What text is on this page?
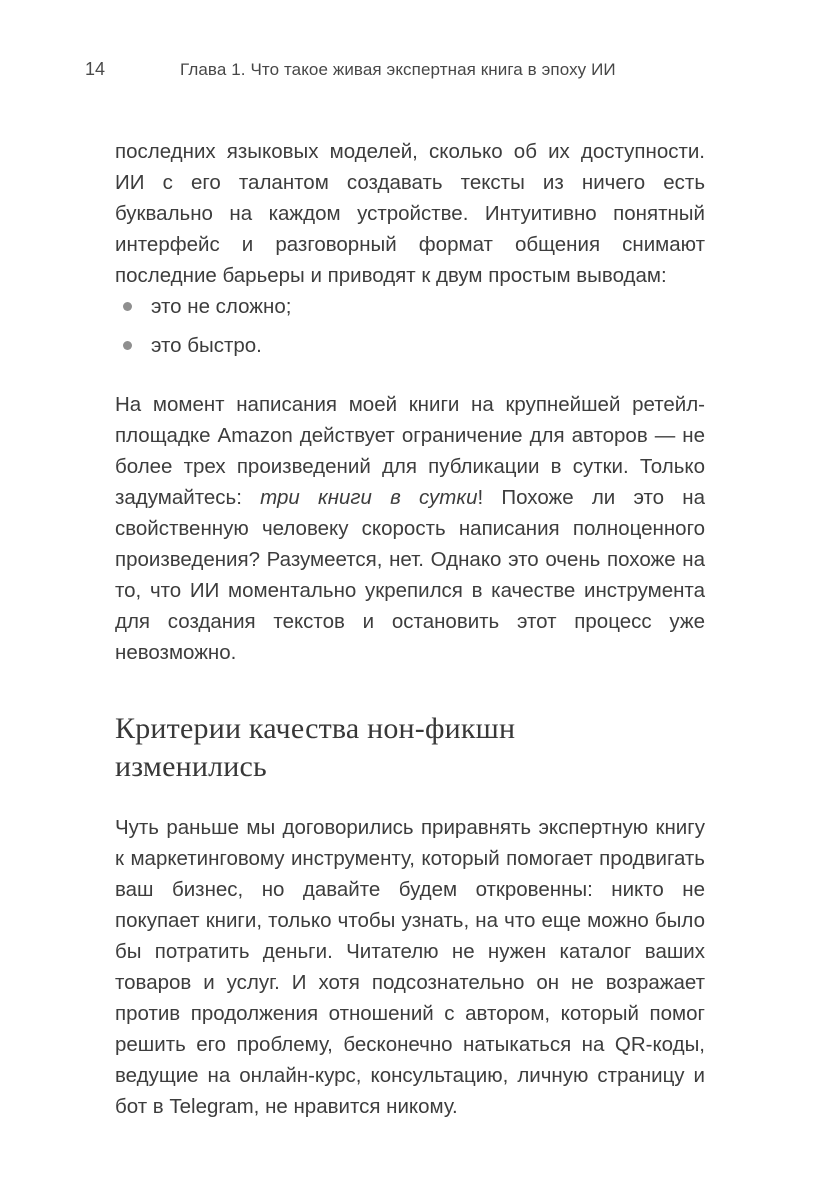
14	Глава 1. Что такое живая экспертная книга в эпоху ИИ

последних языковых моделей, сколько об их доступности. ИИ с его талантом создавать тексты из ничего есть буквально на каждом устройстве. Интуитивно понятный интерфейс и разговорный формат общения снимают последние барьеры и приводят к двум простым выводам:

это не сложно;
это быстро.

На момент написания моей книги на крупнейшей ретейл-площадке Amazon действует ограничение для авторов — не более трех произведений для публикации в сутки. Только задумайтесь: три книги в сутки! Похоже ли это на свойственную человеку скорость написания полноценного произведения? Разумеется, нет. Однако это очень похоже на то, что ИИ моментально укрепился в качестве инструмента для создания текстов и остановить этот процесс уже невозможно.

Критерии качества нон-фикшн
изменились

Чуть раньше мы договорились приравнять экспертную книгу к маркетинговому инструменту, который помогает продвигать ваш бизнес, но давайте будем откровенны: никто не покупает книги, только чтобы узнать, на что еще можно было бы потратить деньги. Читателю не нужен каталог ваших товаров и услуг. И хотя подсознательно он не возражает против продолжения отношений с автором, который помог решить его проблему, бесконечно натыкаться на QR-коды, ведущие на онлайн-курс, консультацию, личную страницу и бот в Telegram, не нравится никому.
